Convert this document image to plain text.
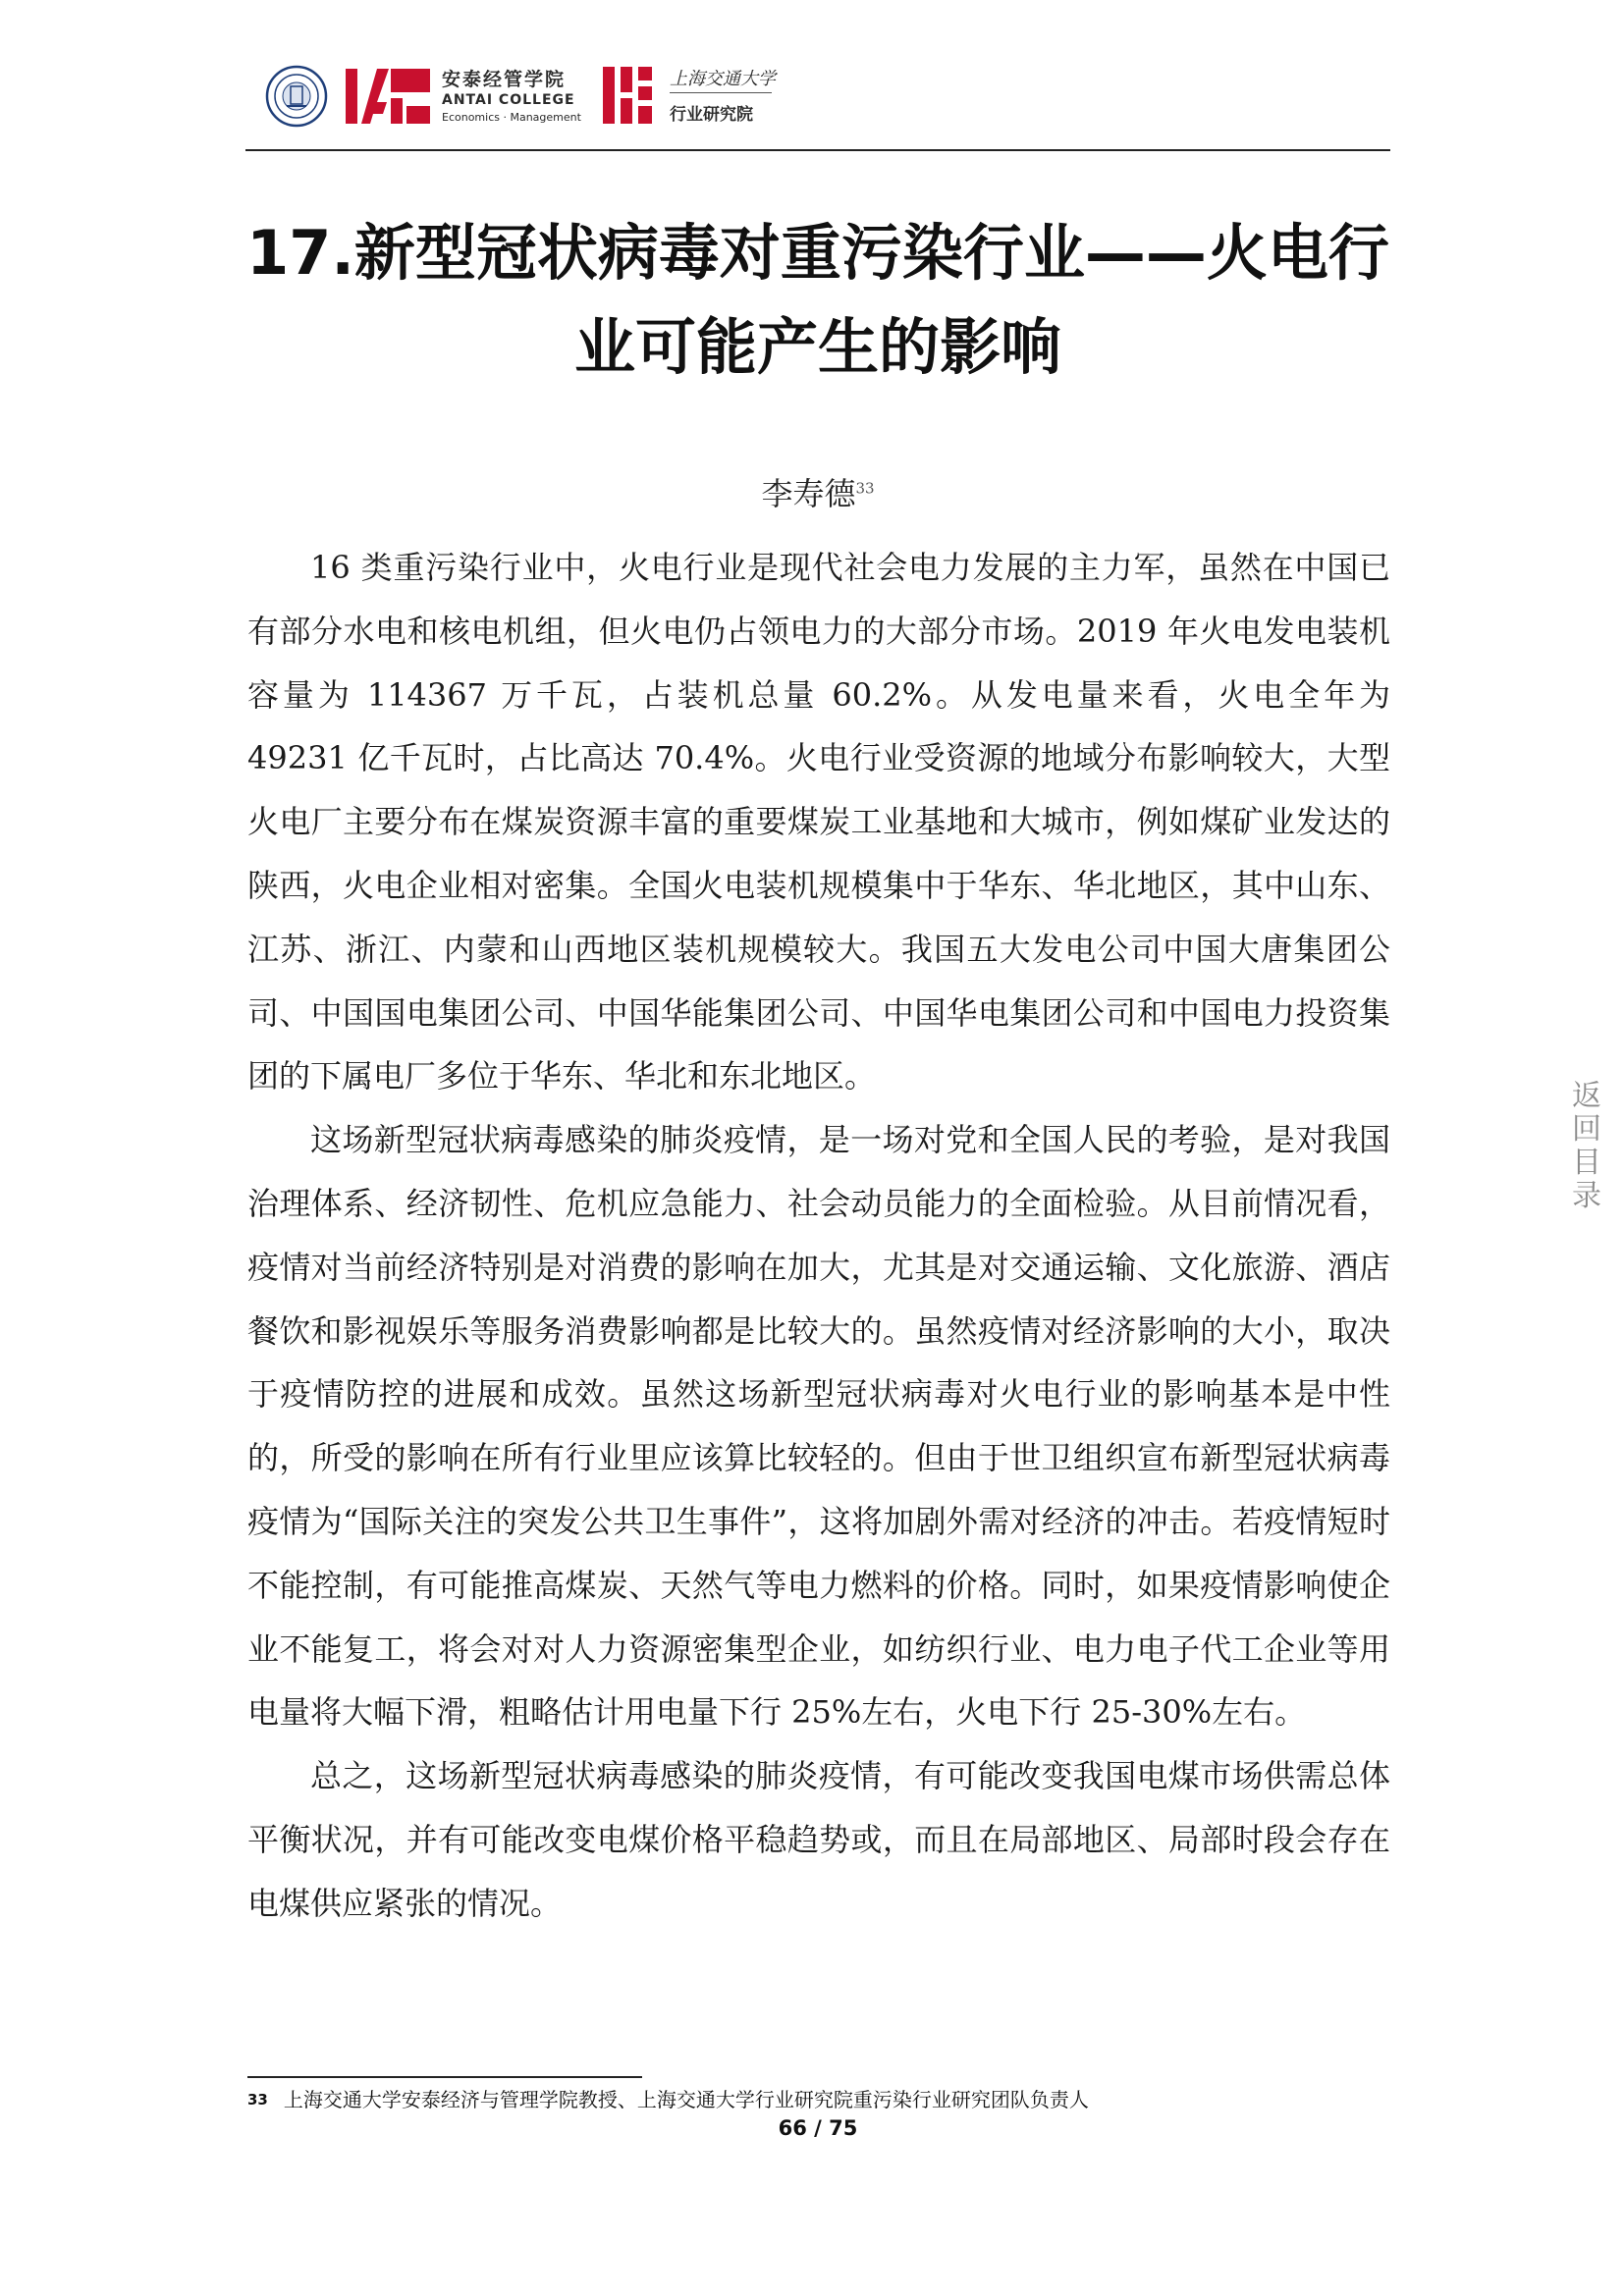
安泰经管学院
ANTAI COLLEGE
Economics · Management
上海交通大学
行业研究院
17.新型冠状病毒对重污染行业——火电行业可能产生的影响
李寿德$^{33}$

16 类重污染行业中，火电行业是现代社会电力发展的主力军，虽然在中国已有部分水电和核电机组，但火电仍占领电力的大部分市场。2019 年火电发电装机容量为 114367 万千瓦，占装机总量 60.2%。从发电量来看，火电全年为 49231 亿千瓦时，占比高达 70.4%。火电行业受资源的地域分布影响较大，大型火电厂主要分布在煤炭资源丰富的重要煤炭工业基地和大城市，例如煤矿业发达的陕西，火电企业相对密集。全国火电装机规模集中于华东、华北地区，其中山东、江苏、浙江、内蒙和山西地区装机规模较大。我国五大发电公司中国大唐集团公司、中国国电集团公司、中国华能集团公司、中国华电集团公司和中国电力投资集团的下属电厂多位于华东、华北和东北地区。

这场新型冠状病毒感染的肺炎疫情，是一场对党和全国人民的考验，是对我国治理体系、经济韧性、危机应急能力、社会动员能力的全面检验。从目前情况看，疫情对当前经济特别是对消费的影响在加大，尤其是对交通运输、文化旅游、酒店餐饮和影视娱乐等服务消费影响都是比较大的。虽然疫情对经济影响的大小，取决于疫情防控的进展和成效。虽然这场新型冠状病毒对火电行业的影响基本是中性的，所受的影响在所有行业里应该算比较轻的。但由于世卫组织宣布新型冠状病毒疫情为“国际关注的突发公共卫生事件”，这将加剧外需对经济的冲击。若疫情短时不能控制，有可能推高煤炭、天然气等电力燃料的价格。同时，如果疫情影响使企业不能复工，将会对对人力资源密集型企业，如纺织行业、电力电子代工企业等用电量将大幅下滑，粗略估计用电量下行 25%左右，火电下行 25-30%左右。

总之，这场新型冠状病毒感染的肺炎疫情，有可能改变我国电煤市场供需总体平衡状况，并有可能改变电煤价格平稳趋势或，而且在局部地区、局部时段会存在电煤供应紧张的情况。

返
回
目
录
$^{33}$ 上海交通大学安泰经济与管理学院教授、上海交通大学行业研究院重污染行业研究团队负责人
66 / 75
